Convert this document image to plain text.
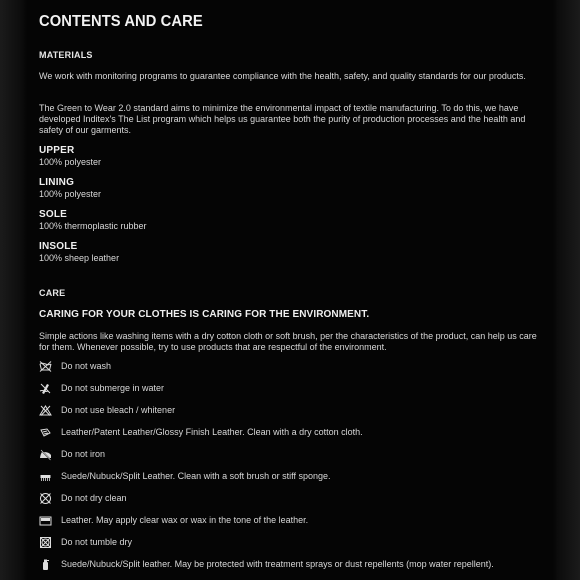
CONTENTS AND CARE

MATERIALS

We work with monitoring programs to guarantee compliance with the health, safety, and quality standards for our products.

The Green to Wear 2.0 standard aims to minimize the environmental impact of textile manufacturing. To do this, we have developed Inditex's The List program which helps us guarantee both the purity of production processes and the health and safety of our garments.

UPPER

100% polyester

LINING

100% polyester

SOLE

100% thermoplastic rubber

INSOLE

100% sheep leather

CARE

CARING FOR YOUR CLOTHES IS CARING FOR THE ENVIRONMENT.

Simple actions like washing items with a dry cotton cloth or soft brush, per the characteristics of the product, can help us care for them. Whenever possible, try to use products that are respectful of the environment.

Do not wash
Do not submerge in water
Do not use bleach / whitener
Leather/Patent Leather/Glossy Finish Leather. Clean with a dry cotton cloth.
Do not iron
Suede/Nubuck/Split Leather. Clean with a soft brush or stiff sponge.
Do not dry clean
Leather. May apply clear wax or wax in the tone of the leather.
Do not tumble dry
Suede/Nubuck/Split leather. May be protected with treatment sprays or dust repellents (mop water repellent).
